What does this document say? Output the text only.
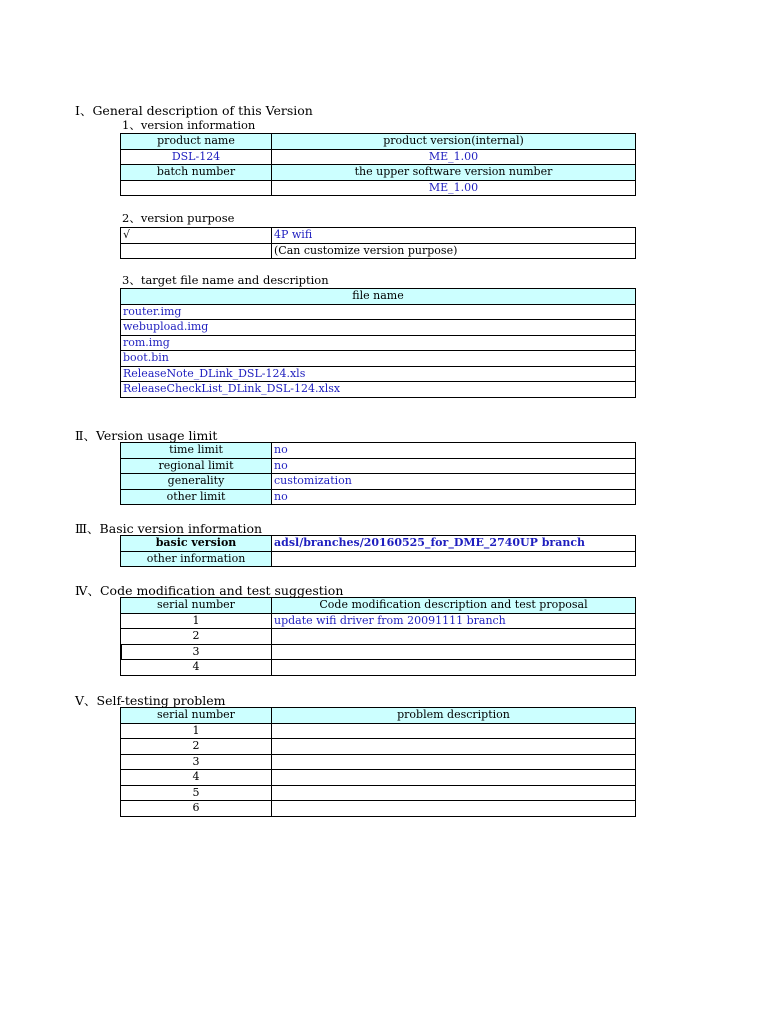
Ⅰ、General description of this Version
1、version information
product name	product version(internal)
DSL-124	ME_1.00
batch number	the upper software version number
	ME_1.00
2、version purpose
√	4P wifi
	(Can customize version purpose)
3、target file name and description
file name
router.img
webupload.img
rom.img
boot.bin
ReleaseNote_DLink_DSL-124.xls
ReleaseCheckList_DLink_DSL-124.xlsx
Ⅱ、Version usage limit
time limit	no
regional limit	no
generality	customization
other limit	no
Ⅲ、Basic version information
basic version	adsl/branches/20160525_for_DME_2740UP branch
other information	
Ⅳ、Code modification and test suggestion
serial number	Code modification description and test proposal
1	update wifi driver from 20091111 branch
2	
3	
4	
Ⅴ、Self-testing problem
serial number	problem description
1	
2	
3	
4	
5	
6	
